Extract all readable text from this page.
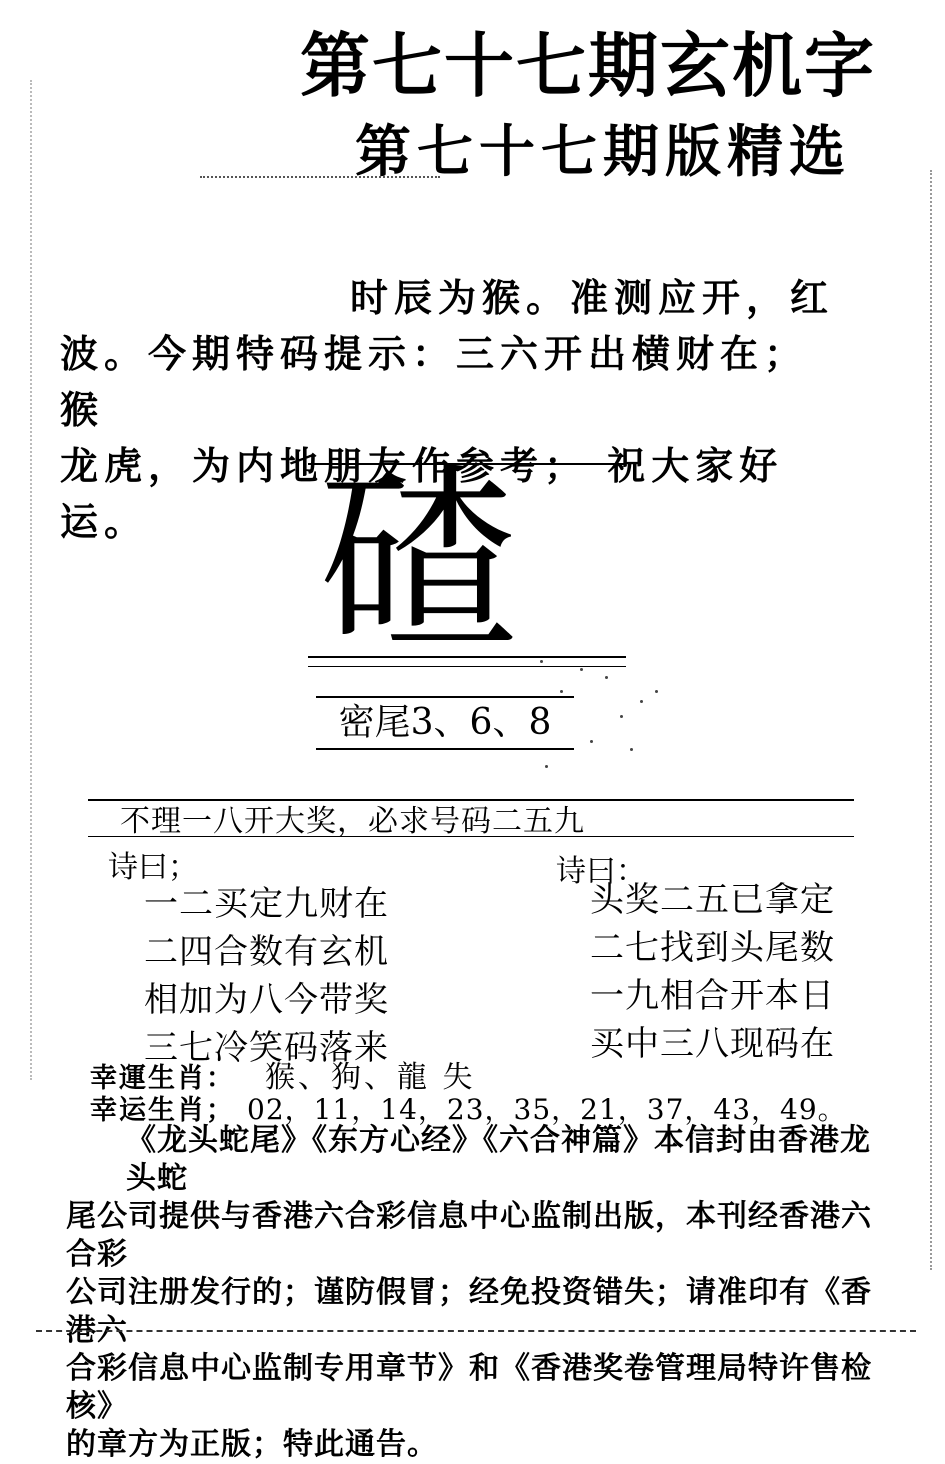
第七十七期玄机字
第七十七期版精选

时辰为猴。准测应开，红

波。今期特码提示：三六开出横财在；猴

龙虎，为内地朋友作参考； 祝大家好运。 碴
密尾3、6、8
不理一八开大奖，必求号码二五九
诗曰；

一二买定九财在

二四合数有玄机

相加为八今带奖

三七冷笑码落来

诗曰：

头奖二五已拿定

二七找到头尾数

一九相合开本日

买中三八现码在

幸運生肖： 猴、狗、龍 失
幸运生肖； 02，11，14，23，35，21，37，43，49。

《龙头蛇尾》《东方心经》《六合神篇》本信封由香港龙头蛇

尾公司提供与香港六合彩信息中心监制出版，本刊经香港六合彩

公司注册发行的；谨防假冒；经免投资错失；请准印有《香港六

合彩信息中心监制专用章节》和《香港奖卷管理局特许售检核》

的章方为正版；特此通告。
